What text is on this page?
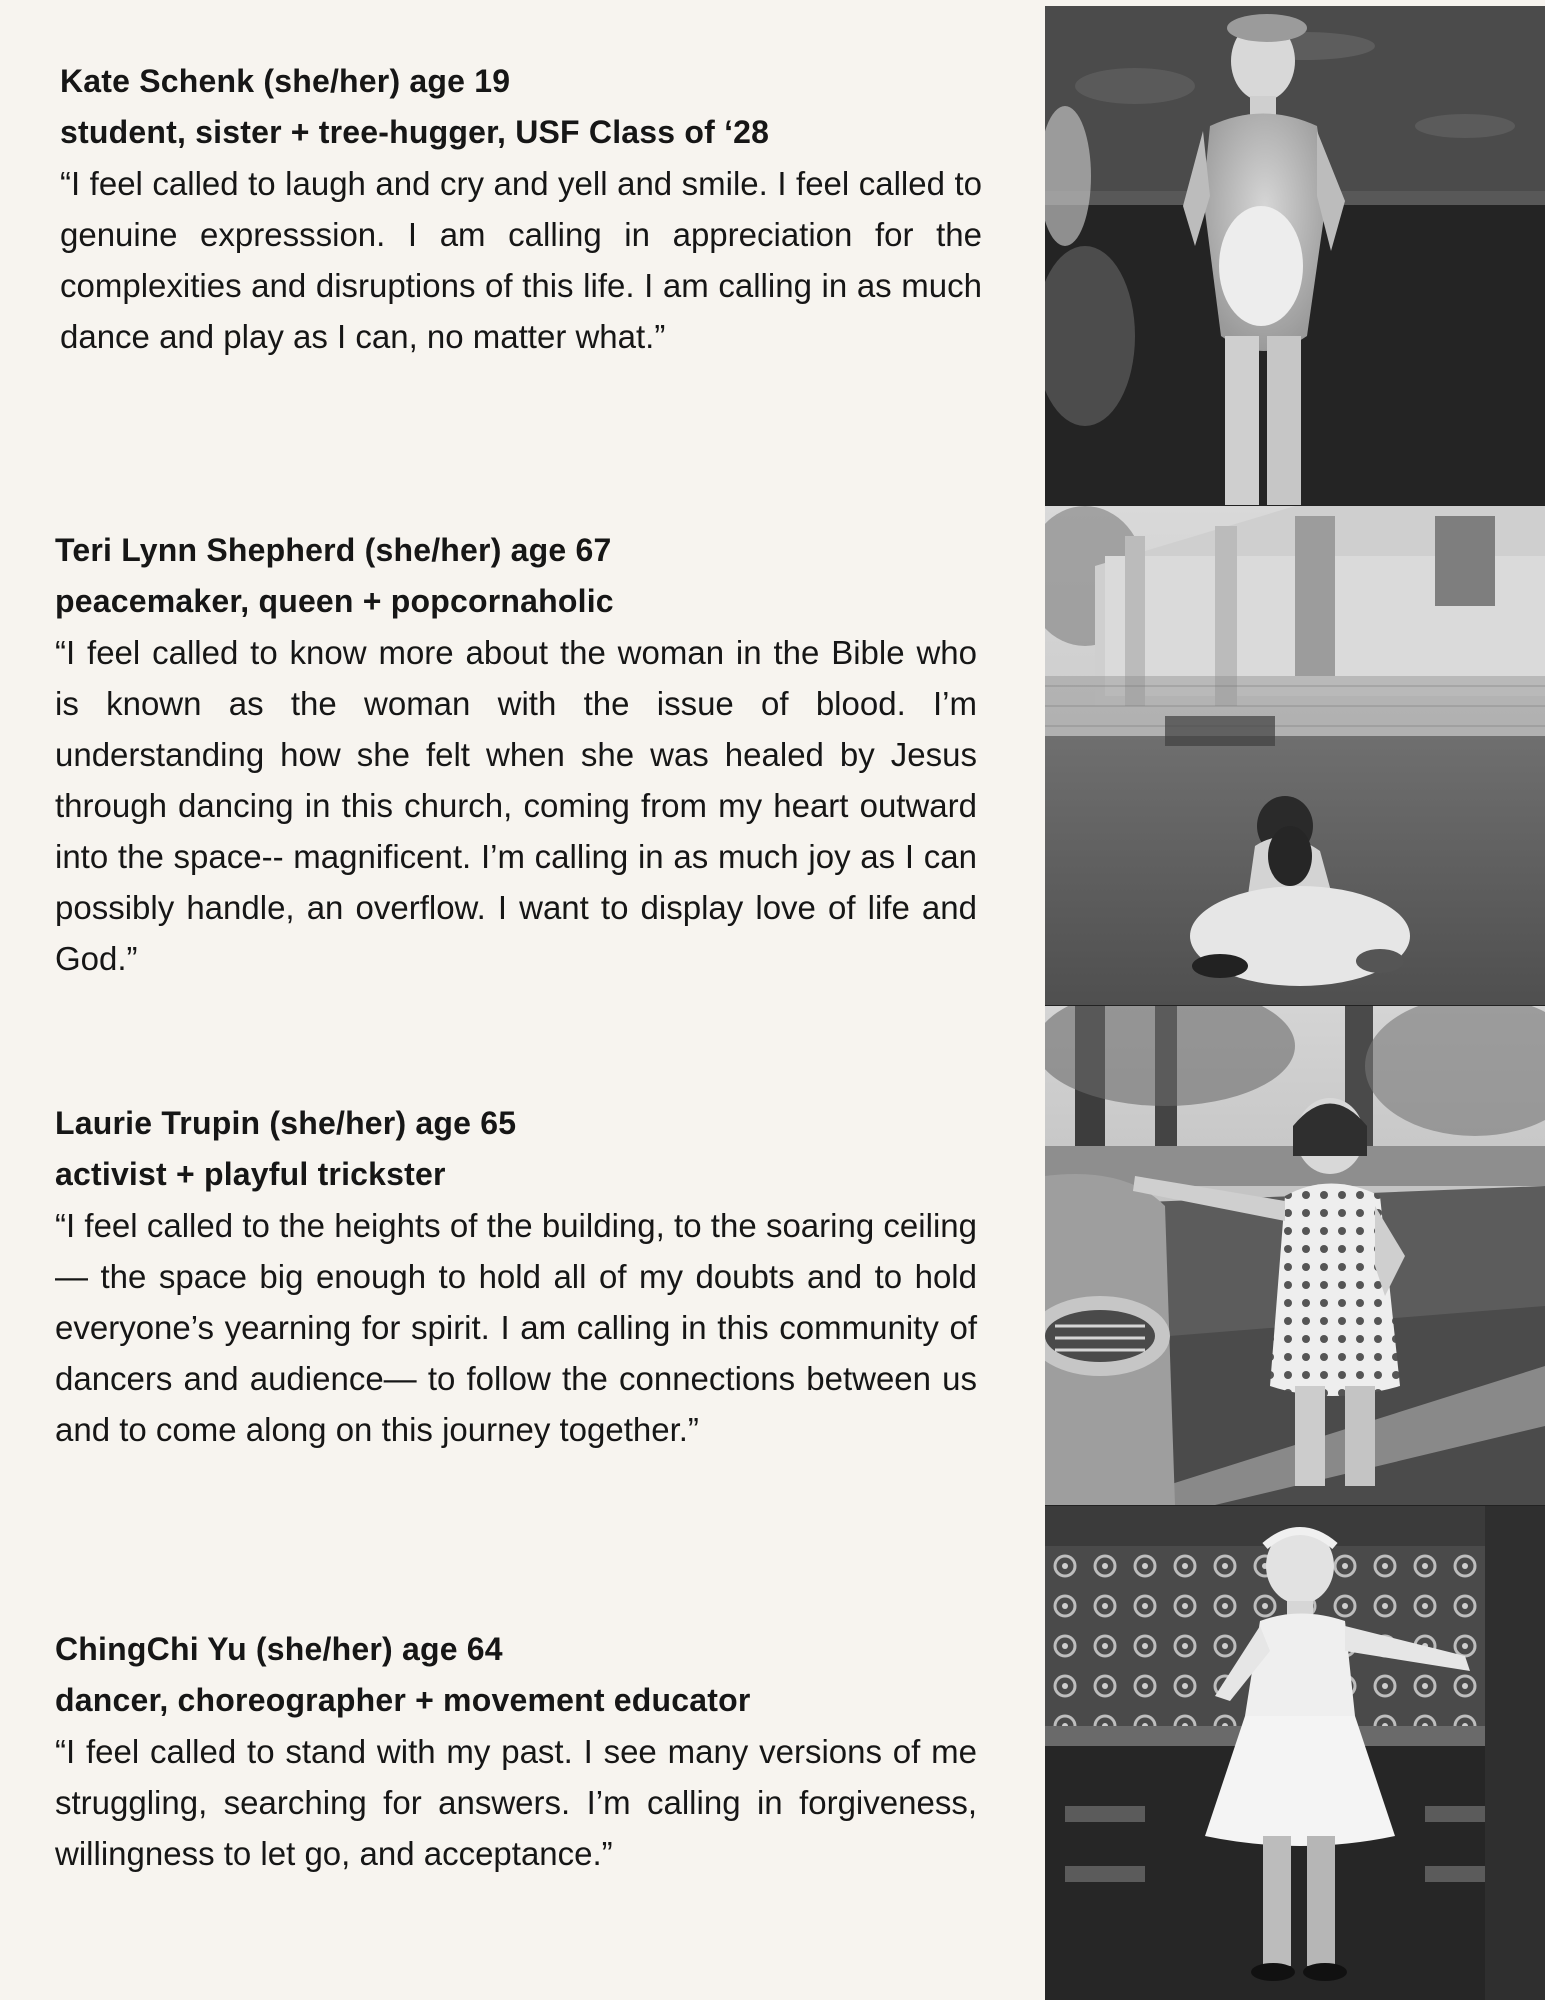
Kate Schenk (she/her) age 19
student, sister + tree-hugger, USF Class of ‘28
“I feel called to laugh and cry and yell and smile. I feel called to genuine expresssion. I am calling in appreciation for the complexities and disruptions of this life. I am calling in as much dance and play as I can, no matter what.”
Teri Lynn Shepherd (she/her) age 67
peacemaker, queen + popcornaholic
“I feel called to know more about the woman in the Bible who is known as the woman with the issue of blood. I’m understanding how she felt when she was healed by Jesus through dancing in this church, coming from my heart outward into the space-- magnificent. I’m calling in as much joy as I can possibly handle, an overflow. I want to display love of life and God.”
Laurie Trupin (she/her) age 65
activist + playful trickster
“I feel called to the heights of the building, to the soaring ceiling — the space big enough to hold all of my doubts and to hold everyone’s yearning for spirit. I am calling in this community of dancers and audience— to follow the connections between us and to come along on this journey together.”
ChingChi Yu (she/her) age 64
dancer, choreographer + movement educator
“I feel called to stand with my past. I see many versions of me struggling, searching for answers. I’m calling in forgiveness, willingness to let go, and acceptance.”
